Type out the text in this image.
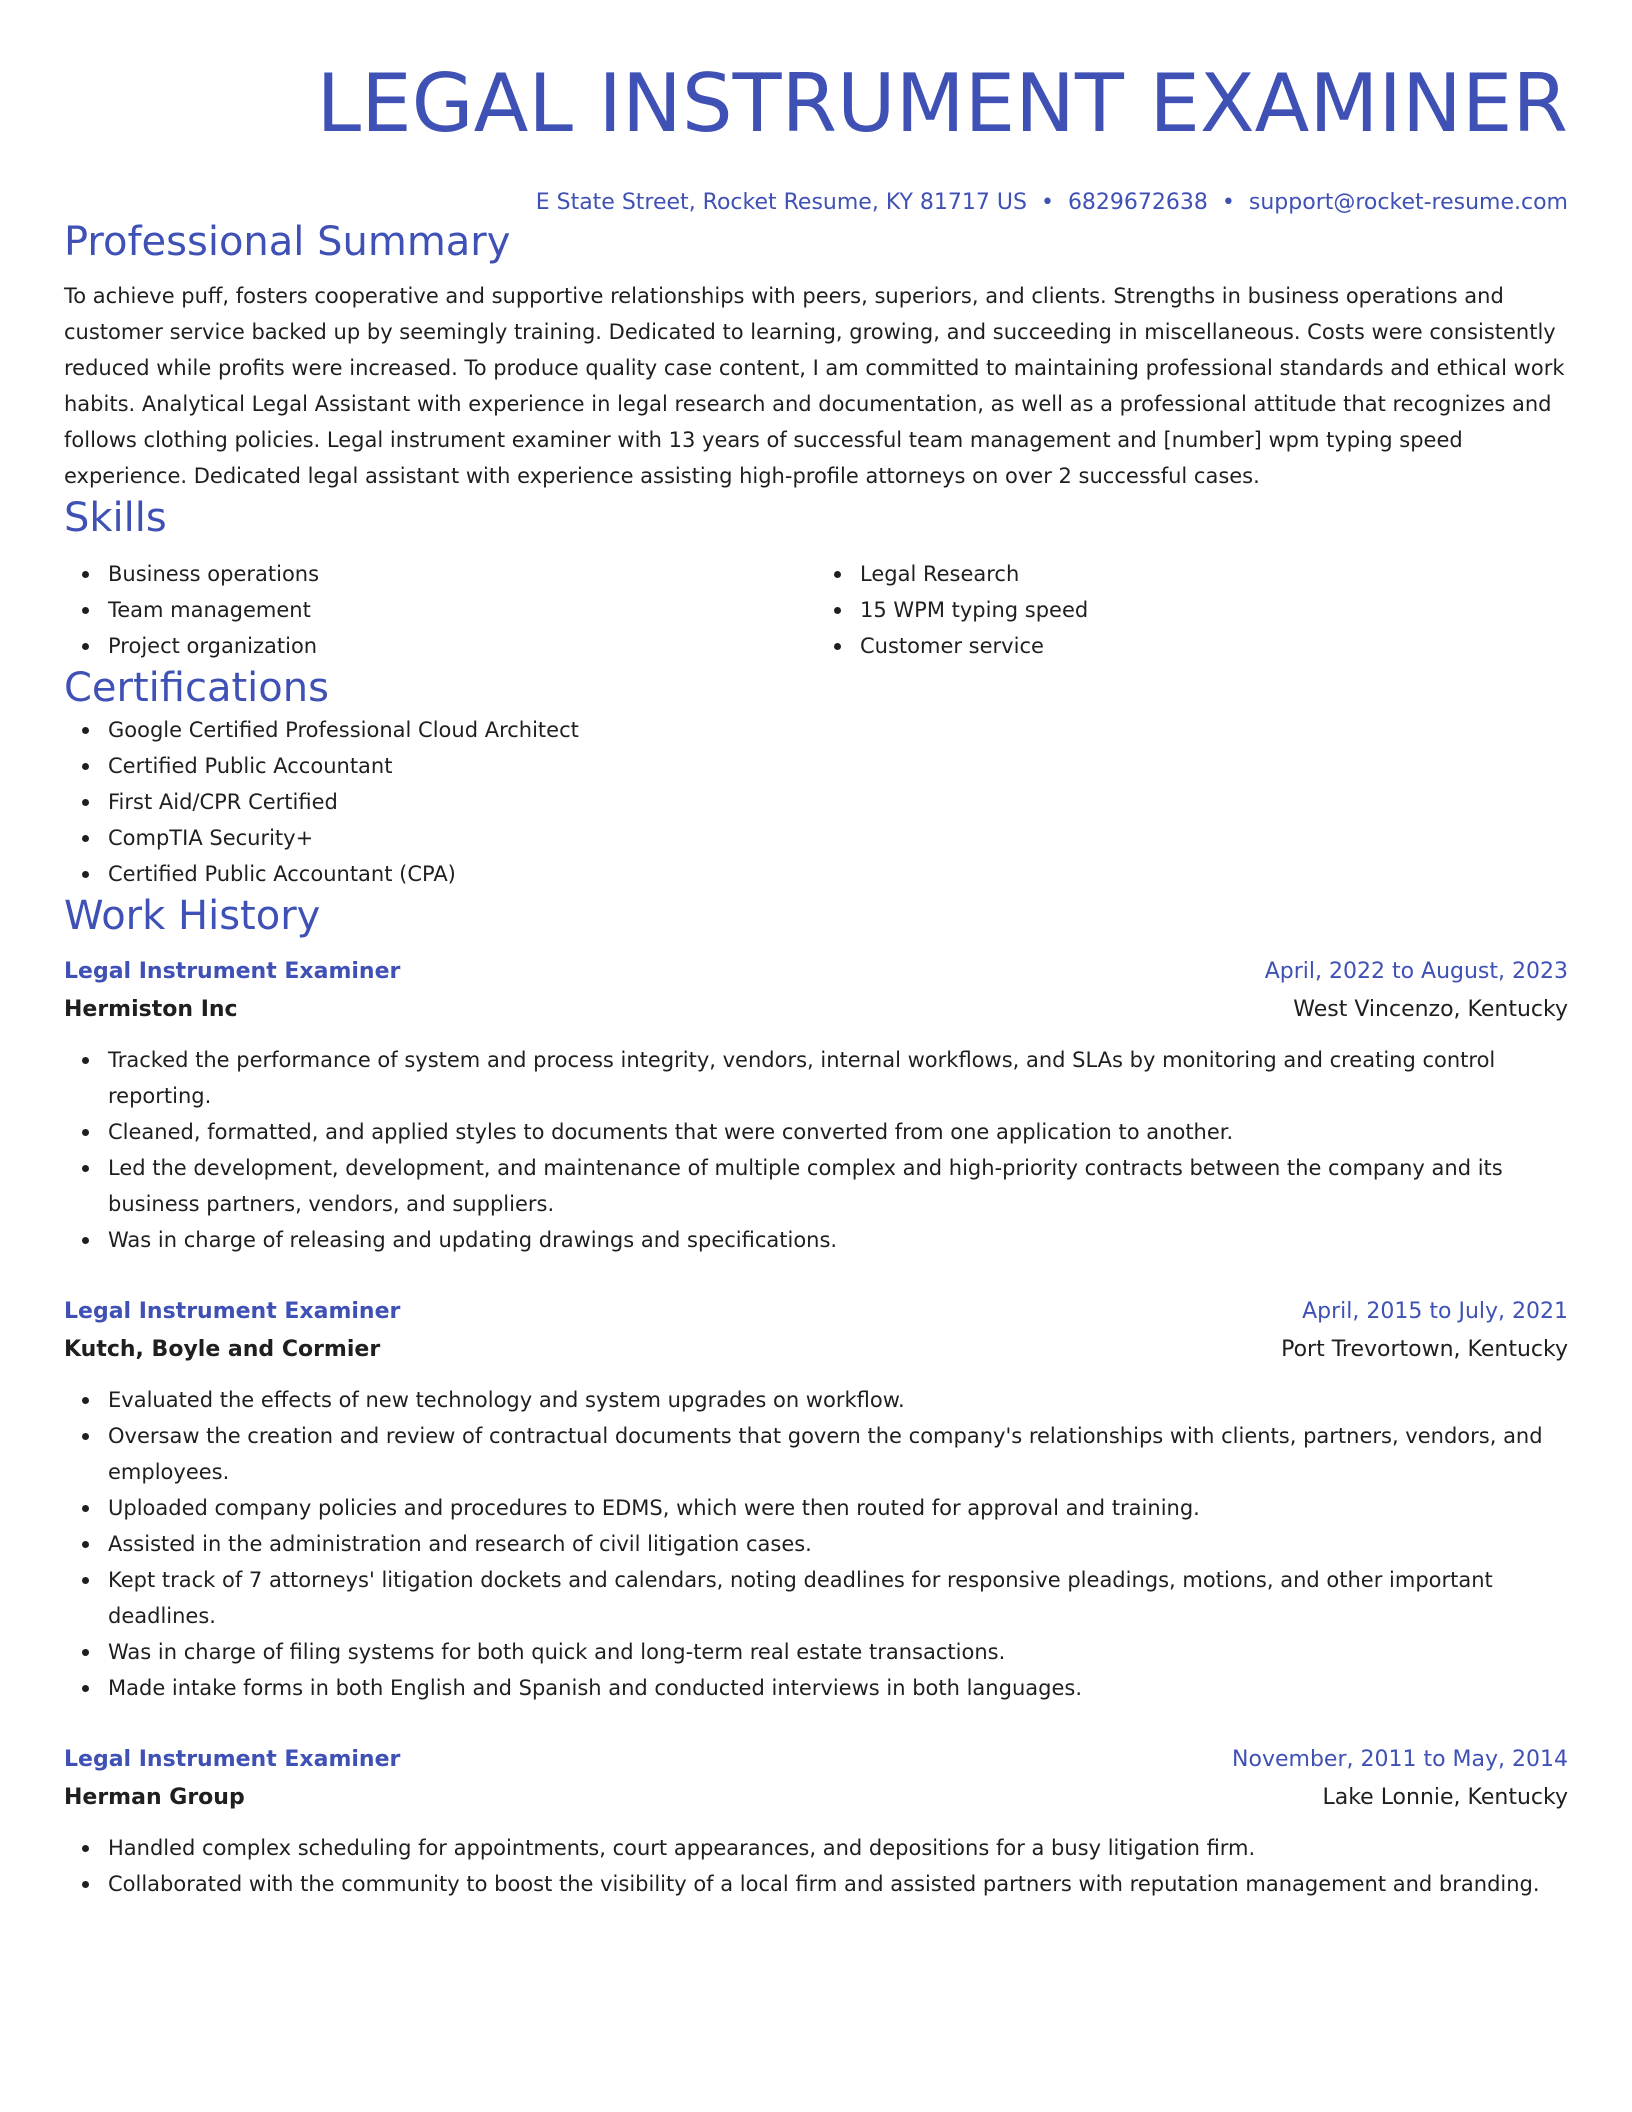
LEGAL INSTRUMENT EXAMINER
E State Street, Rocket Resume, KY 81717 US • 6829672638 • support@rocket-resume.com
Professional Summary

To achieve puff, fosters cooperative and supportive relationships with peers, superiors, and clients. Strengths in business operations and customer service backed up by seemingly training. Dedicated to learning, growing, and succeeding in miscellaneous. Costs were consistently reduced while profits were increased. To produce quality case content, I am committed to maintaining professional standards and ethical work habits. Analytical Legal Assistant with experience in legal research and documentation, as well as a professional attitude that recognizes and follows clothing policies. Legal instrument examiner with 13 years of successful team management and [number] wpm typing speed experience. Dedicated legal assistant with experience assisting high-profile attorneys on over 2 successful cases.

Skills
Business operations
Team management
Project organization
Legal Research
15 WPM typing speed
Customer service
Certifications
Google Certified Professional Cloud Architect
Certified Public Accountant
First Aid/CPR Certified
CompTIA Security+
Certified Public Accountant (CPA)
Work History
Legal Instrument Examiner	April, 2022 to August, 2023
Hermiston Inc	West Vincenzo, Kentucky
Tracked the performance of system and process integrity, vendors, internal workflows, and SLAs by monitoring and creating control reporting.
Cleaned, formatted, and applied styles to documents that were converted from one application to another.
Led the development, development, and maintenance of multiple complex and high-priority contracts between the company and its business partners, vendors, and suppliers.
Was in charge of releasing and updating drawings and specifications.
Legal Instrument Examiner	April, 2015 to July, 2021
Kutch, Boyle and Cormier	Port Trevortown, Kentucky
Evaluated the effects of new technology and system upgrades on workflow.
Oversaw the creation and review of contractual documents that govern the company's relationships with clients, partners, vendors, and employees.
Uploaded company policies and procedures to EDMS, which were then routed for approval and training.
Assisted in the administration and research of civil litigation cases.
Kept track of 7 attorneys' litigation dockets and calendars, noting deadlines for responsive pleadings, motions, and other important deadlines.
Was in charge of filing systems for both quick and long-term real estate transactions.
Made intake forms in both English and Spanish and conducted interviews in both languages.
Legal Instrument Examiner	November, 2011 to May, 2014
Herman Group	Lake Lonnie, Kentucky
Handled complex scheduling for appointments, court appearances, and depositions for a busy litigation firm.
Collaborated with the community to boost the visibility of a local firm and assisted partners with reputation management and branding.
